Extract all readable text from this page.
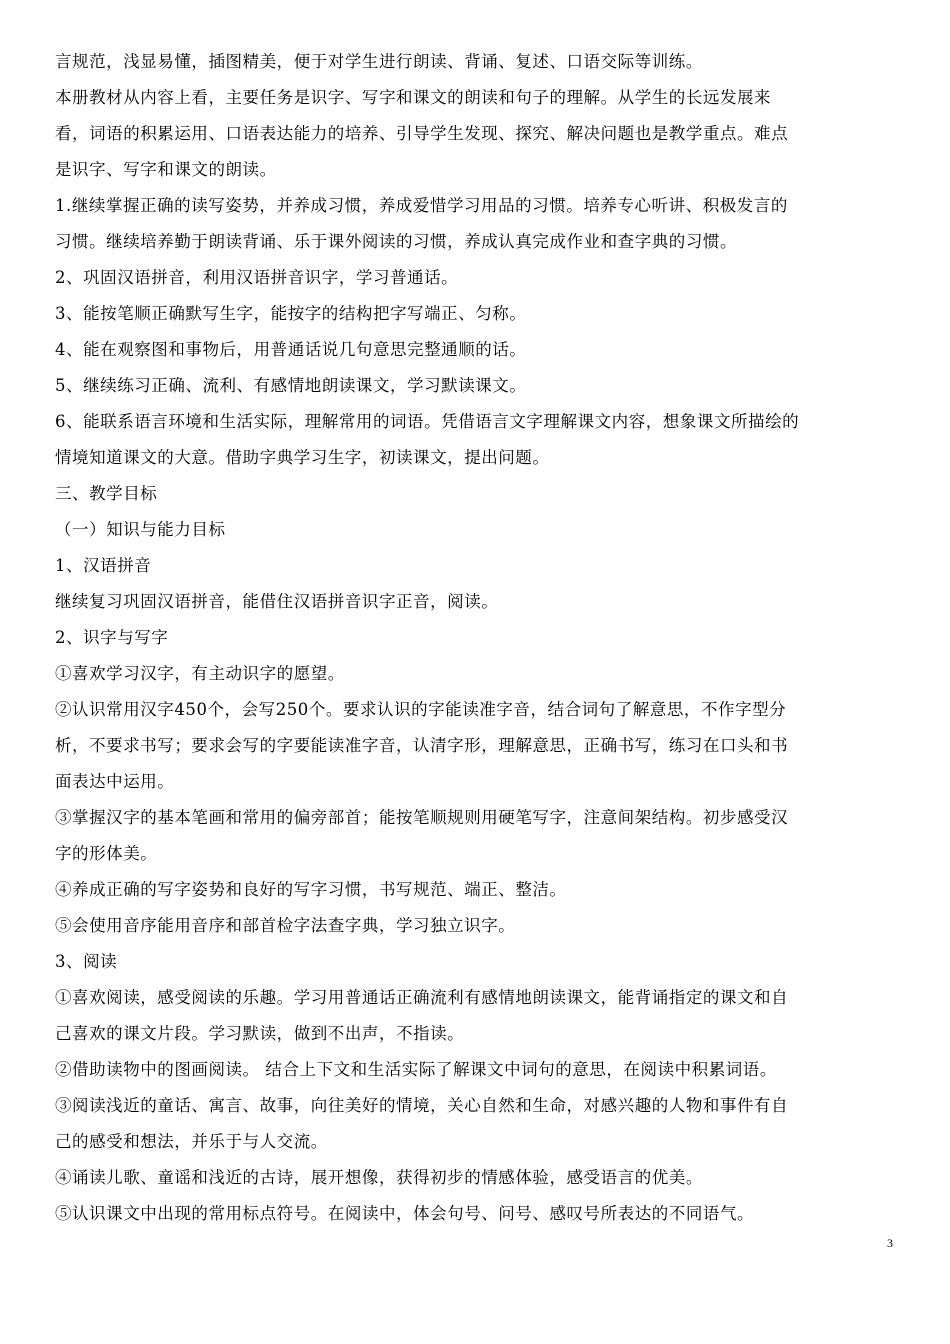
言规范，浅显易懂，插图精美，便于对学生进行朗读、背诵、复述、口语交际等训练。

本册教材从内容上看，主要任务是识字、写字和课文的朗读和句子的理解。从学生的长远发展来

看，词语的积累运用、口语表达能力的培养、引导学生发现、探究、解决问题也是教学重点。难点

是识字、写字和课文的朗读。

1.继续掌握正确的读写姿势，并养成习惯，养成爱惜学习用品的习惯。培养专心听讲、积极发言的

习惯。继续培养勤于朗读背诵、乐于课外阅读的习惯，养成认真完成作业和查字典的习惯。

2、巩固汉语拼音，利用汉语拼音识字，学习普通话。

3、能按笔顺正确默写生字，能按字的结构把字写端正、匀称。

4、能在观察图和事物后，用普通话说几句意思完整通顺的话。

5、继续练习正确、流利、有感情地朗读课文，学习默读课文。

6、能联系语言环境和生活实际，理解常用的词语。凭借语言文字理解课文内容，想象课文所描绘的

情境知道课文的大意。借助字典学习生字，初读课文，提出问题。

三、教学目标

（一）知识与能力目标

1、汉语拼音

继续复习巩固汉语拼音，能借住汉语拼音识字正音，阅读。

2、识字与写字

①喜欢学习汉字，有主动识字的愿望。

②认识常用汉字450个，会写250个。要求认识的字能读准字音，结合词句了解意思，不作字型分

析，不要求书写；要求会写的字要能读准字音，认清字形，理解意思，正确书写，练习在口头和书

面表达中运用。

③掌握汉字的基本笔画和常用的偏旁部首；能按笔顺规则用硬笔写字，注意间架结构。初步感受汉

字的形体美。

④养成正确的写字姿势和良好的写字习惯，书写规范、端正、整洁。

⑤会使用音序能用音序和部首检字法查字典，学习独立识字。

3、阅读

①喜欢阅读，感受阅读的乐趣。学习用普通话正确流利有感情地朗读课文，能背诵指定的课文和自

己喜欢的课文片段。学习默读，做到不出声，不指读。

②借助读物中的图画阅读。 结合上下文和生活实际了解课文中词句的意思，在阅读中积累词语。

③阅读浅近的童话、寓言、故事，向往美好的情境，关心自然和生命，对感兴趣的人物和事件有自

己的感受和想法，并乐于与人交流。

④诵读儿歌、童谣和浅近的古诗，展开想像，获得初步的情感体验，感受语言的优美。

⑤认识课文中出现的常用标点符号。在阅读中，体会句号、问号、感叹号所表达的不同语气。

3
